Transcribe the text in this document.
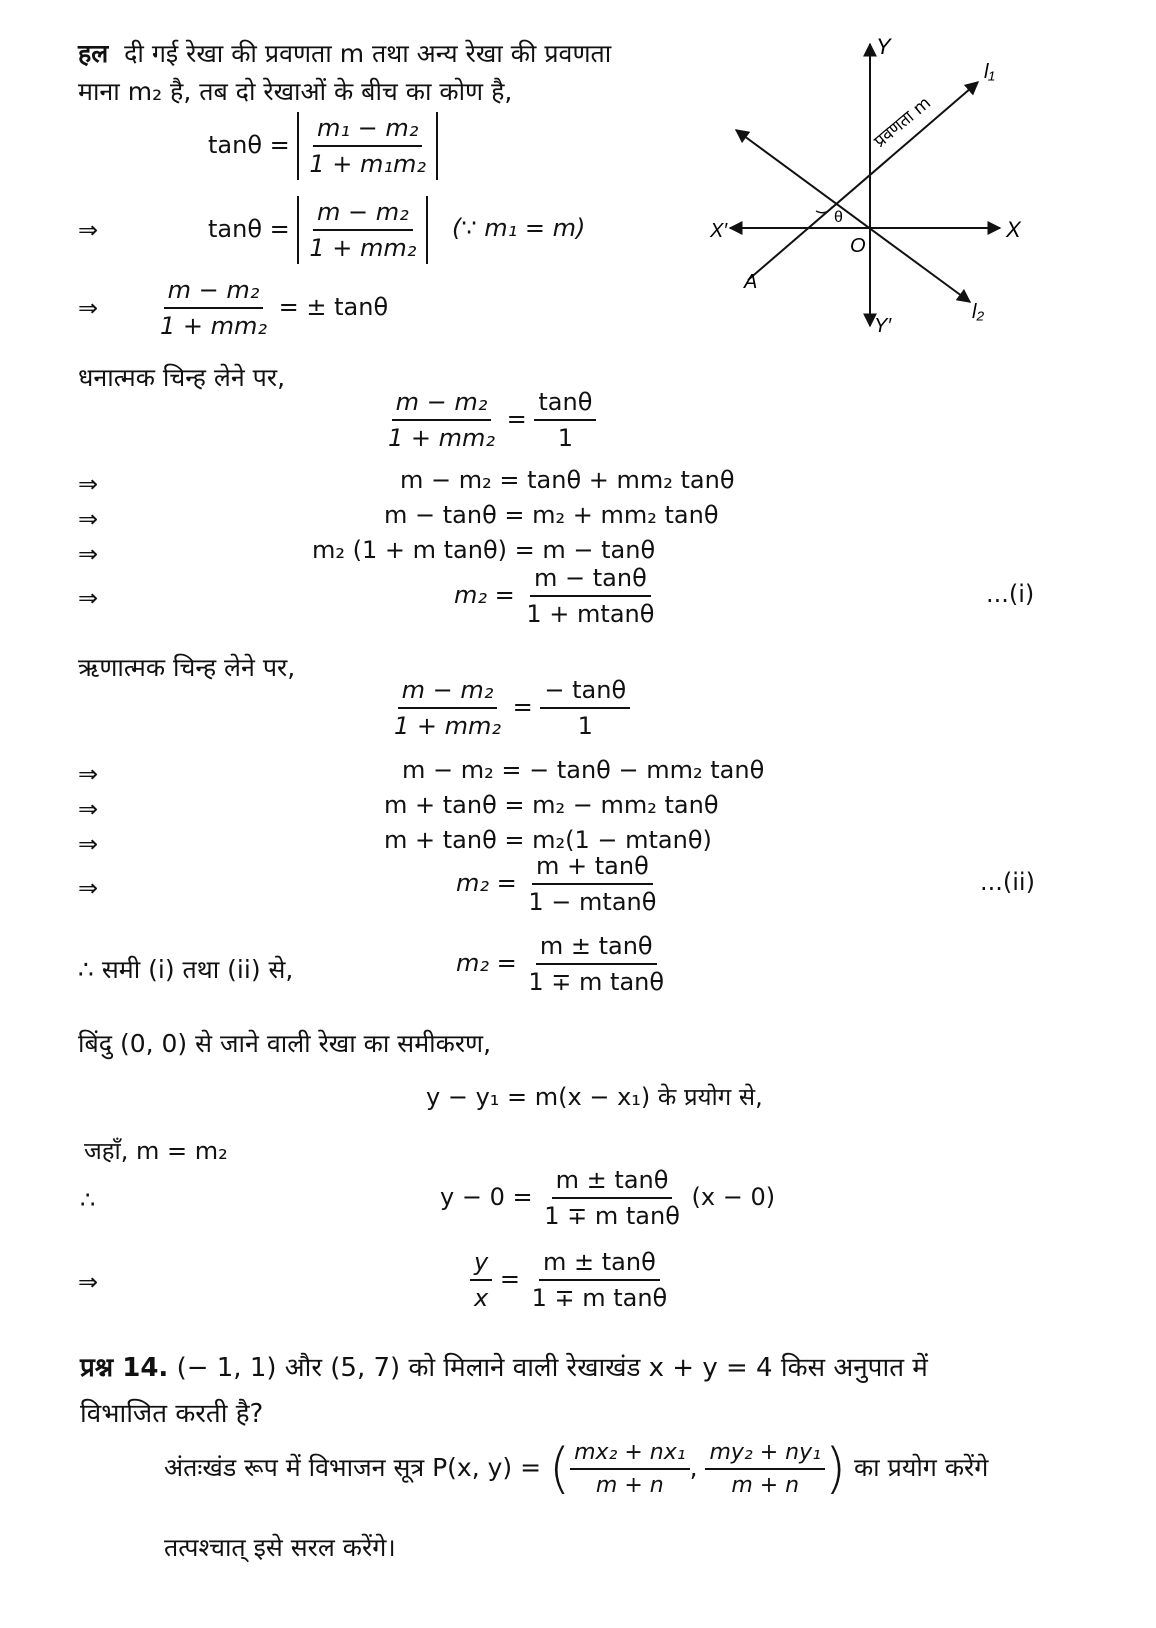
हल दी गई रेखा की प्रवणता m तथा अन्य रेखा की प्रवणता
माना m₂ है, तब दो रेखाओं के बीच का कोण है,
$\tan\theta = \frac{\text{m₁ − m₂}}{\text{1 + m₁m₂}}$
⇒	$\tan\theta = \frac{\text{m − m₂}}{\text{1 + mm₂}}$ (∵ m₁ = m)
⇒ $\frac{\text{m − m₂}}{\text{1 + mm₂}}$ = ± tanθ
धनात्मक चिन्ह लेने पर,
$\frac{\text{m − m₂}}{\text{1 + mm₂}} = \frac{\tan\theta}{1}$
⇒	m − m₂ = tanθ + mm₂ tanθ
⇒	m − tanθ = m₂ + mm₂ tanθ
⇒	m₂ (1 + m tanθ) = m − tanθ
⇒	$m_2 = \frac{m - \tan\theta}{1 + mtan\theta}$	...(i)
ऋणात्मक चिन्ह लेने पर,
$\frac{\text{m − m₂}}{\text{1 + mm₂}} = \frac{- \tan\theta}{1}$
⇒	m − m₂ = − tanθ − mm₂ tanθ
⇒	m + tanθ = m₂ − mm₂ tanθ
⇒	m + tanθ = m₂(1 − mtanθ)
⇒	$m_2 = \frac{m + \tan\theta}{1 - mtan\theta}$	...(ii)
∴ समी (i) तथा (ii) से,	$m_2 = \frac{m \pm \tan\theta}{\text{1 ∓ m tanθ}}$
बिंदु (0, 0) से जाने वाली रेखा का समीकरण,
y − y₁ = m(x − x₁) के प्रयोग से,
जहाँ, m = m₂
∴	$y - 0 = \frac{m \pm \tan\theta}{\text{1 ∓ m tanθ}} (x - 0)$
⇒	$\frac{y}{x} = \frac{m \pm \tan\theta}{\text{1 ∓ m tanθ}}$
प्रश्न 14. (− 1, 1) और (5, 7) को मिलाने वाली रेखाखंड x + y = 4 किस अनुपात में
विभाजित करती है?
अंतःखंड रूप में विभाजन सूत्र P(x, y) = ( $\frac{\text{mx₂ + nx₁}}{m + n}$ , $\frac{\text{my₂ + ny₁}}{m + n}$ ) का प्रयोग करेंगे
तत्पश्चात् इसे सरल करेंगे।
Y
Y′
X
X′
O
A
θ
l₁
l₂
प्रवणता m
